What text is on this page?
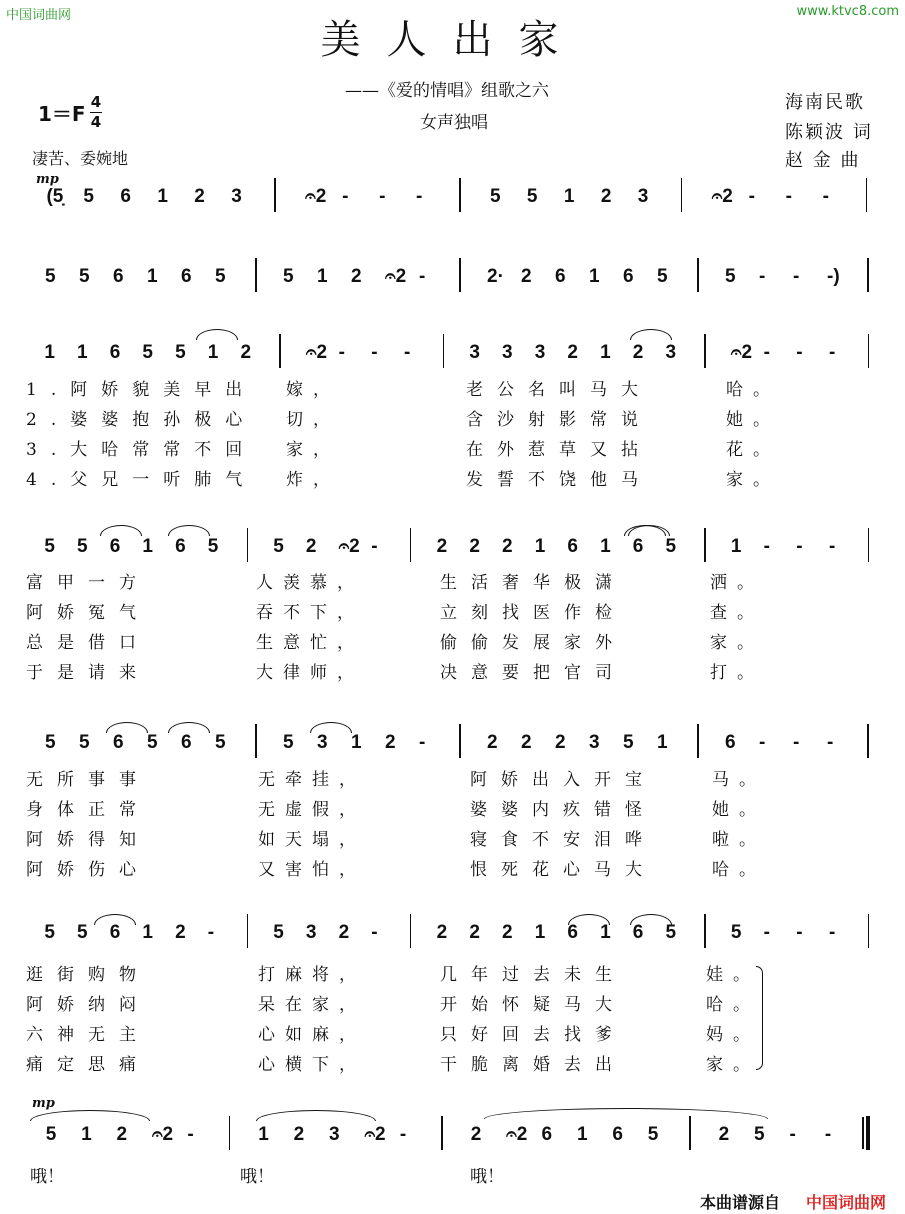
中国词曲网	www.ktvc8.com
美人出家
——《爱的情唱》组歌之六
女声独唱
海南民歌
陈颖波 词
赵 金 曲
1＝F 4
4
凄苦、委婉地
mp
mp
(5̣ 5 6 1 2 3	𝄐2 - - -	5 5 1 2 3	𝄐2 - - -
5 5 6 1 6 5	5 1 2 𝄐2 -	2· 2 6 1 6 5	5 - - -)
1 1 6 5 5 1 2	𝄐2 - - -	3 3 3 2 1 2 3	𝄐2 - - -
5 5 6 1 6 5	5 2 𝄐2 -	2 2 2 1 6 1 6 5	1 - - -
5 5 6 5 6 5	5 3 1 2 -	2 2 2 3 5 1	6 - - -
5 5 6 1 2 -	5 3 2 -	2 2 2 1 6 1 6 5	5 - - -
5 1 2 𝄐2 -	1 2 3 𝄐2 -	2 𝄐2 6 1 6 5	2 5 - -
1.阿娇貌美早出 嫁，	老公名叫马大	哈。
2.婆婆抱孙极心 切，	含沙射影常说	她。
3.大哈常常不回 家，	在外惹草又拈	花。
4.父兄一听肺气 炸，	发誓不饶他马	家。
富甲一方	人羡慕，	生活奢华极潇	洒。
阿娇冤气	吞不下，	立刻找医作检	查。
总是借口	生意忙，	偷偷发展家外	家。
于是请来	大律师，	决意要把官司	打。
无所事事	无牵挂，	阿娇出入开宝	马。
身体正常	无虚假，	婆婆内疚错怪	她。
阿娇得知	如天塌，	寝食不安泪哗	啦。
阿娇伤心	又害怕，	恨死花心马大	哈。
逛街购物	打麻将，	几年过去未生	娃。
阿娇纳闷	呆在家，	开始怀疑马大	哈。
六神无主	心如麻，	只好回去找爹	妈。
痛定思痛	心横下，	干脆离婚去出	家。
哦！	哦！	哦！
本曲谱源自 中国词曲网
